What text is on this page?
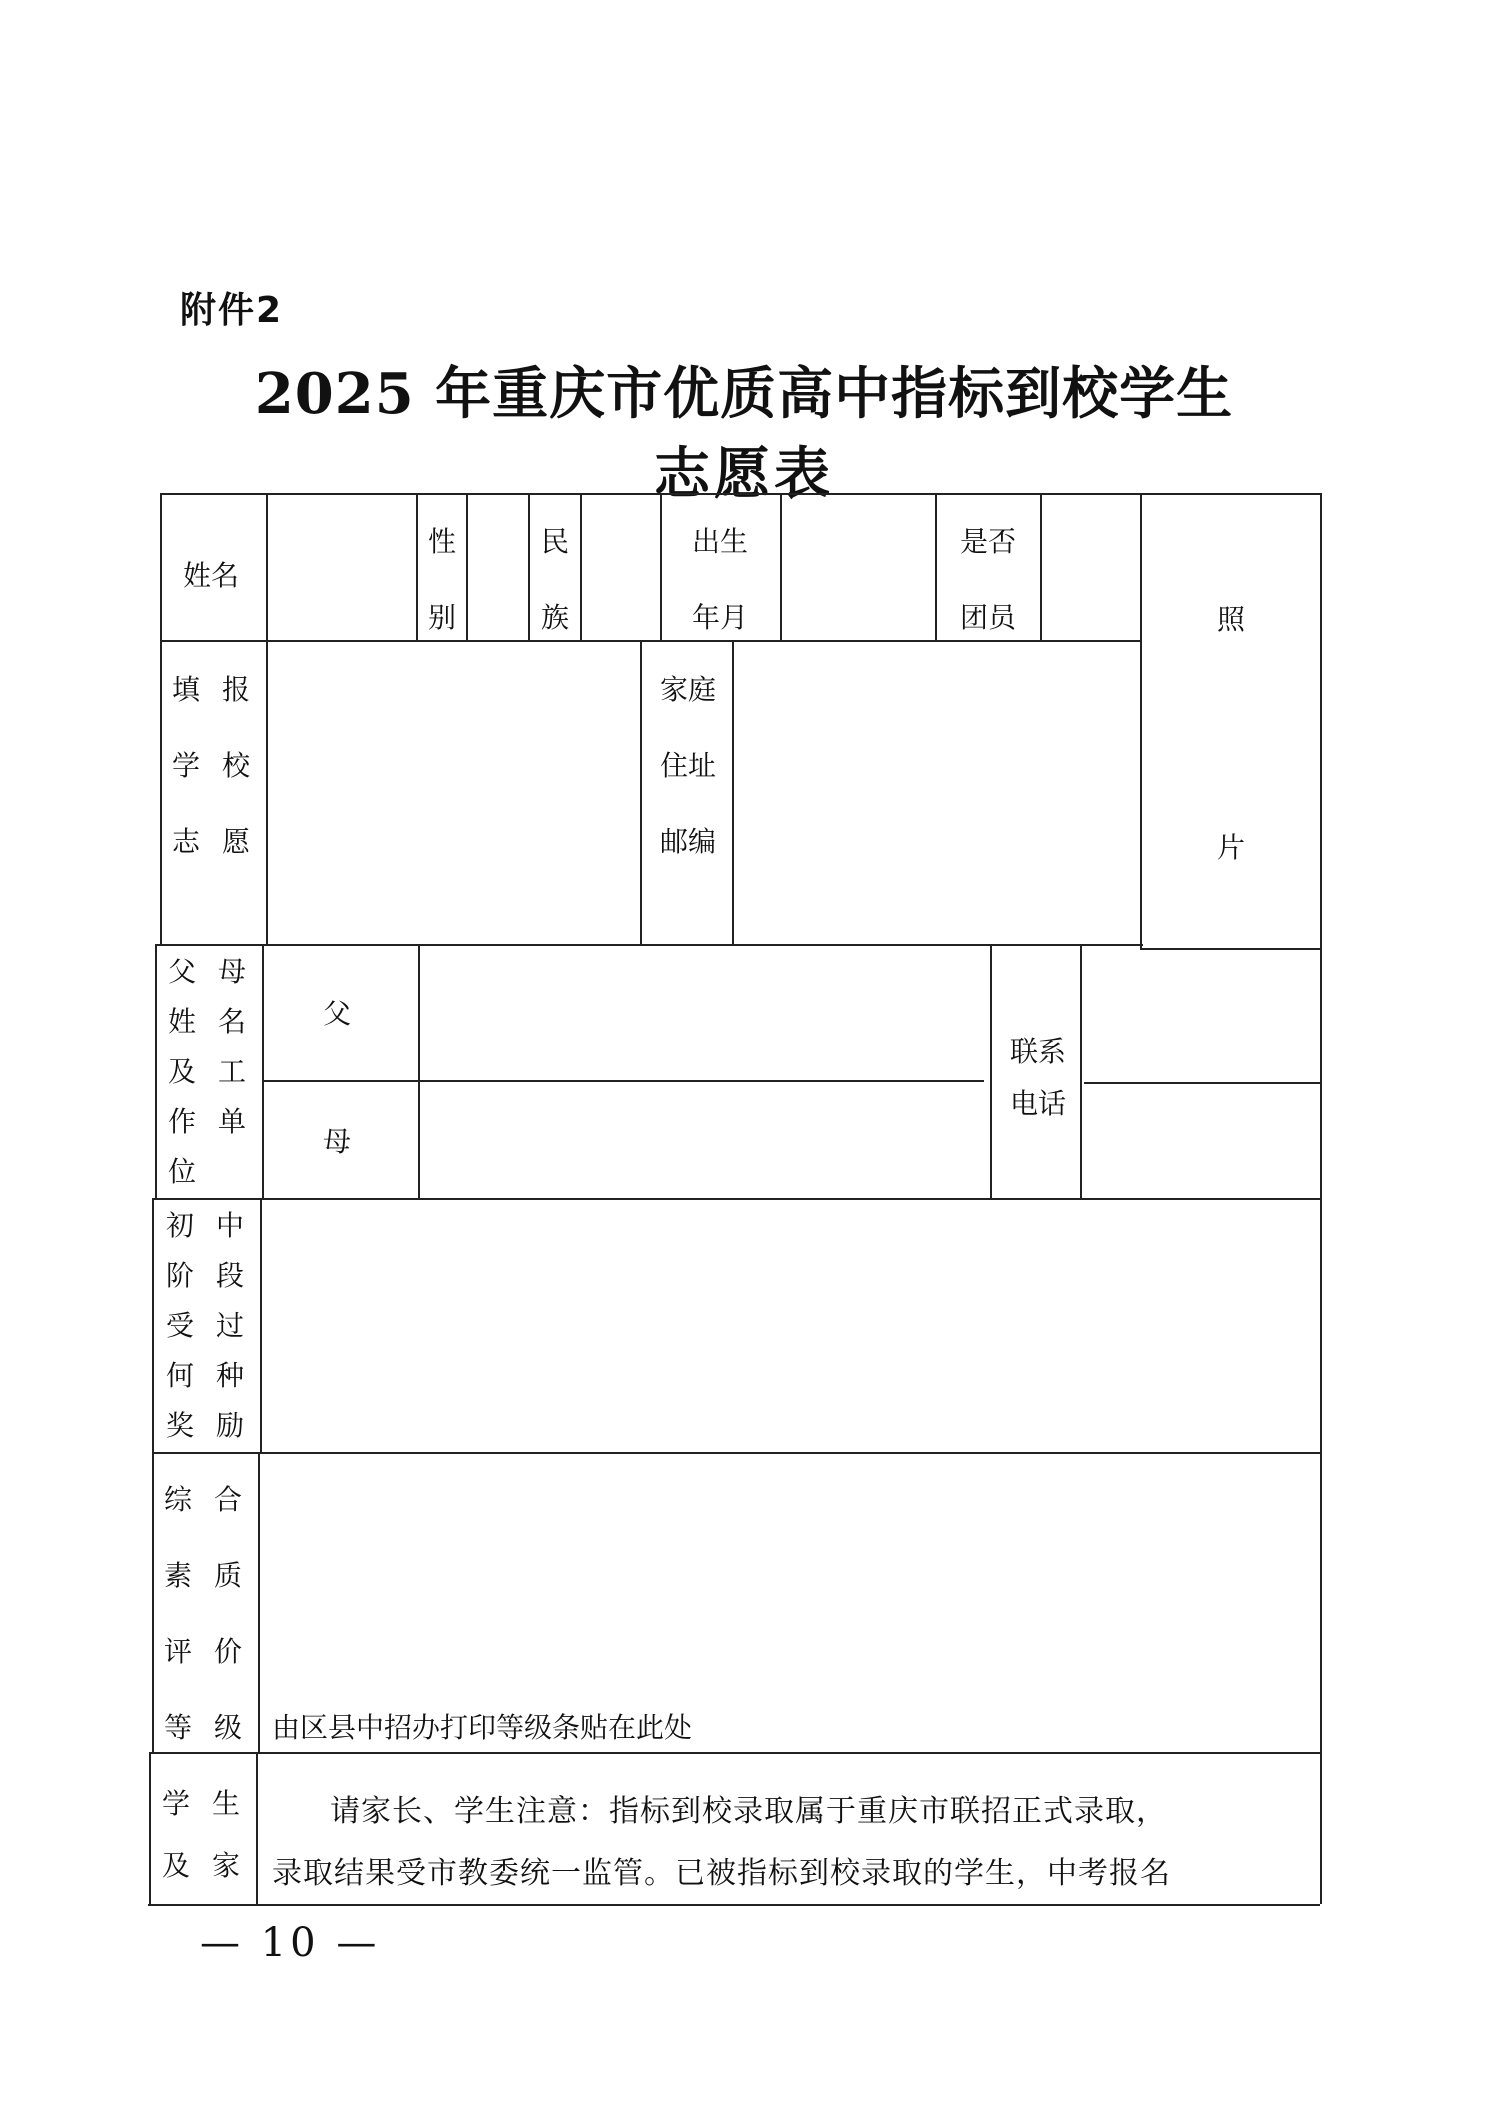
附件2
2025 年重庆市优质高中指标到校学生
志愿表
姓名
性
别
民
族
出生
年月
是否
团员	照
片
填报
学校
志愿
家庭
住址
邮编
父母
姓名
及工
作单
位
父
母
联系
电话
初中
阶段
受过
何种
奖励
综合
素质
评价
等级 由区县中招办打印等级条贴在此处
学生
及家
请家长、学生注意：指标到校录取属于重庆市联招正式录取，
录取结果受市教委统一监管。已被指标到校录取的学生，中考报名
— 10 —
